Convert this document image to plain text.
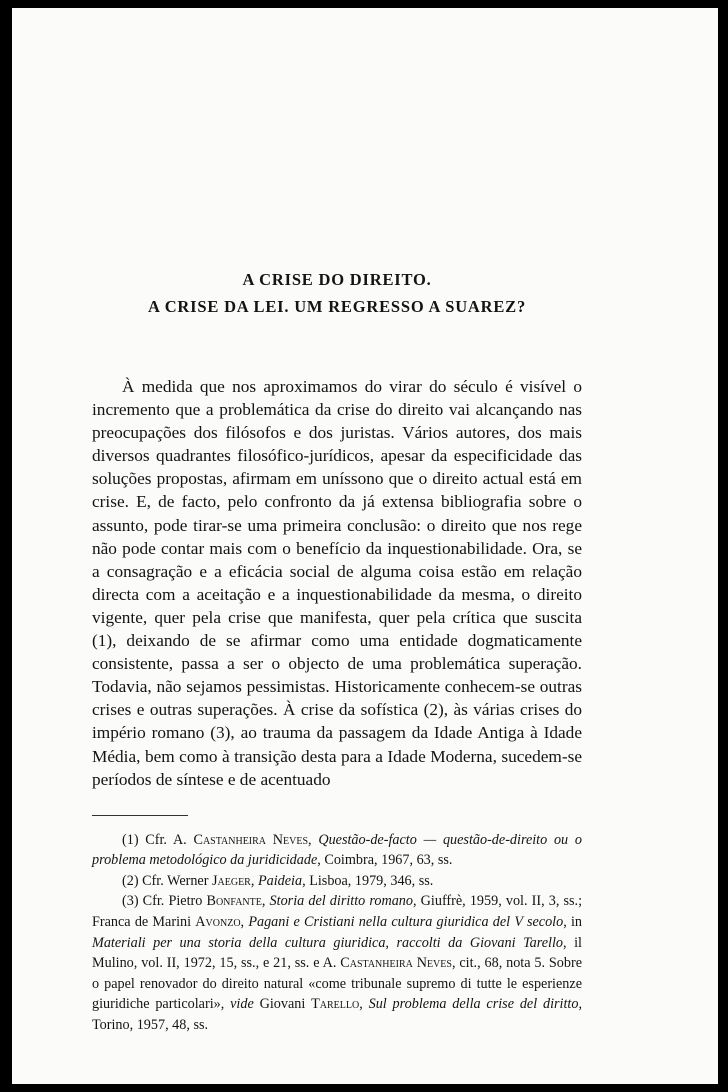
A CRISE DO DIREITO.
A CRISE DA LEI. UM REGRESSO A SUAREZ?

À medida que nos aproximamos do virar do século é visível o incremento que a problemática da crise do direito vai alcançando nas preocupações dos filósofos e dos juristas. Vários autores, dos mais diversos quadrantes filosófico-jurídicos, apesar da especificidade das soluções propostas, afirmam em uníssono que o direito actual está em crise. E, de facto, pelo confronto da já extensa bibliografia sobre o assunto, pode tirar-se uma primeira conclusão: o direito que nos rege não pode contar mais com o benefício da inquestionabilidade. Ora, se a consagração e a eficácia social de alguma coisa estão em relação directa com a aceitação e a inquestionabilidade da mesma, o direito vigente, quer pela crise que manifesta, quer pela crítica que suscita (1), deixando de se afirmar como uma entidade dogmaticamente consistente, passa a ser o objecto de uma problemática superação. Todavia, não sejamos pessimistas. Historicamente conhecem-se outras crises e outras superações. À crise da sofística (2), às várias crises do império romano (3), ao trauma da passagem da Idade Antiga à Idade Média, bem como à transição desta para a Idade Moderna, sucedem-se períodos de síntese e de acentuado

(1) Cfr. A. Castanheira Neves, Questão-de-facto — questão-de-direito ou o problema metodológico da juridicidade, Coimbra, 1967, 63, ss.

(2) Cfr. Werner Jaeger, Paideia, Lisboa, 1979, 346, ss.

(3) Cfr. Pietro Bonfante, Storia del diritto romano, Giuffrè, 1959, vol. II, 3, ss.; Franca de Marini Avonzo, Pagani e Cristiani nella cultura giuridica del V secolo, in Materiali per una storia della cultura giuridica, raccolti da Giovani Tarello, il Mulino, vol. II, 1972, 15, ss., e 21, ss. e A. Castanheira Neves, cit., 68, nota 5. Sobre o papel renovador do direito natural «come tribunale supremo di tutte le esperienze giuridiche particolari», vide Giovani Tarello, Sul problema della crise del diritto, Torino, 1957, 48, ss.
